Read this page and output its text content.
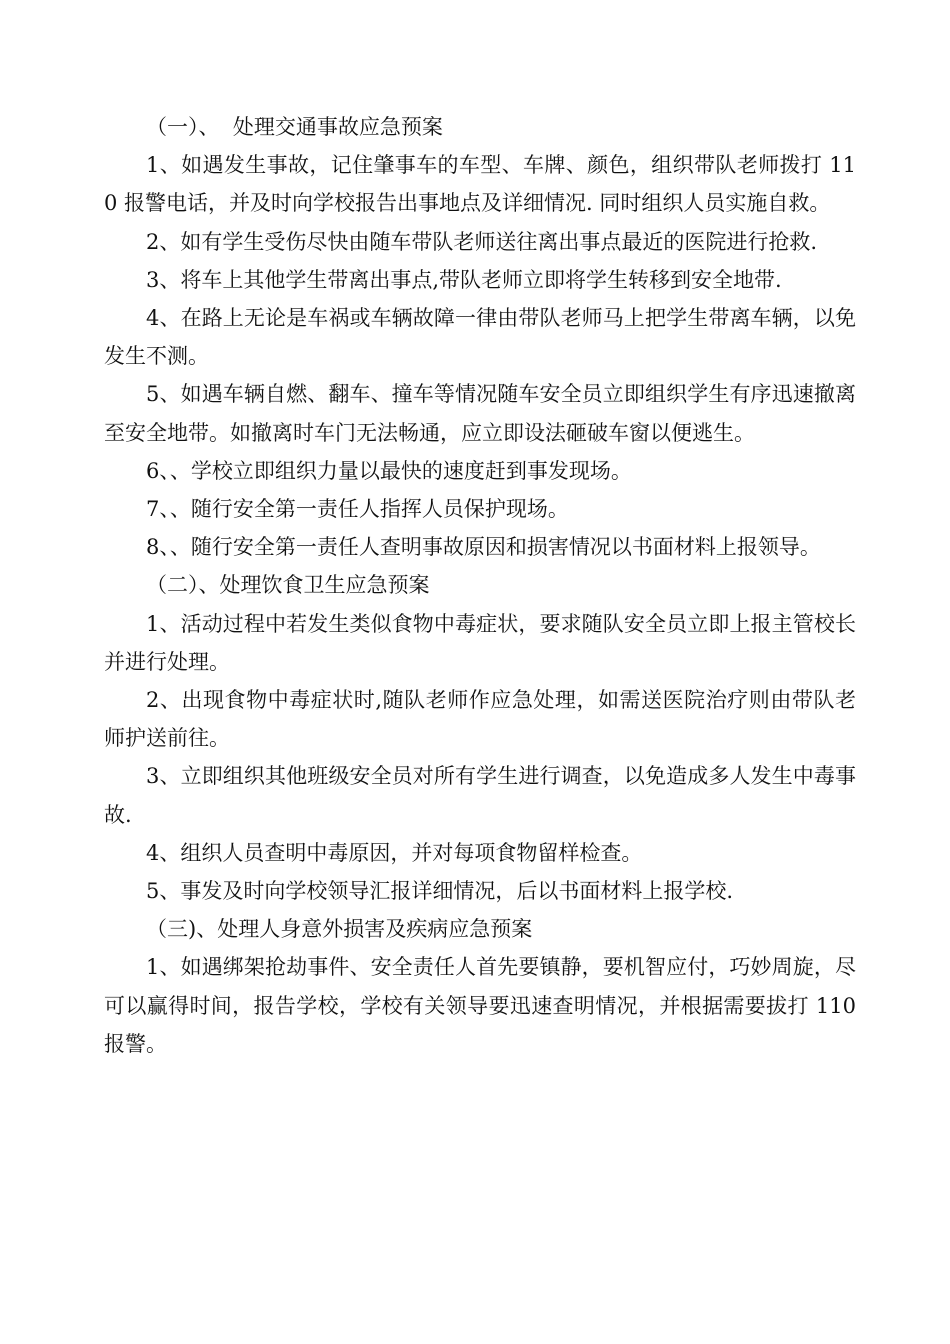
（一）、  处理交通事故应急预案

1、如遇发生事故，记住肇事车的车型、车牌、颜色，组织带队老师拨打 110 报警电话，并及时向学校报告出事地点及详细情况. 同时组织人员实施自救。

2、如有学生受伤尽快由随车带队老师送往离出事点最近的医院进行抢救.

3、将车上其他学生带离出事点,带队老师立即将学生转移到安全地带.

4、在路上无论是车祸或车辆故障一律由带队老师马上把学生带离车辆，以免发生不测。

5、如遇车辆自燃、翻车、撞车等情况随车安全员立即组织学生有序迅速撤离至安全地带。如撤离时车门无法畅通，应立即设法砸破车窗以便逃生。

6、、学校立即组织力量以最快的速度赶到事发现场。

7、、随行安全第一责任人指挥人员保护现场。

8、、随行安全第一责任人查明事故原因和损害情况以书面材料上报领导。

（二）、处理饮食卫生应急预案

1、活动过程中若发生类似食物中毒症状，要求随队安全员立即上报主管校长并进行处理。

2、出现食物中毒症状时,随队老师作应急处理，如需送医院治疗则由带队老师护送前往。

3、立即组织其他班级安全员对所有学生进行调查，以免造成多人发生中毒事故.

4、组织人员查明中毒原因，并对每项食物留样检查。

5、事发及时向学校领导汇报详细情况，后以书面材料上报学校.

（三)、处理人身意外损害及疾病应急预案

1、如遇绑架抢劫事件、安全责任人首先要镇静，要机智应付，巧妙周旋，尽可以赢得时间，报告学校，学校有关领导要迅速查明情况，并根据需要拔打 110 报警。
